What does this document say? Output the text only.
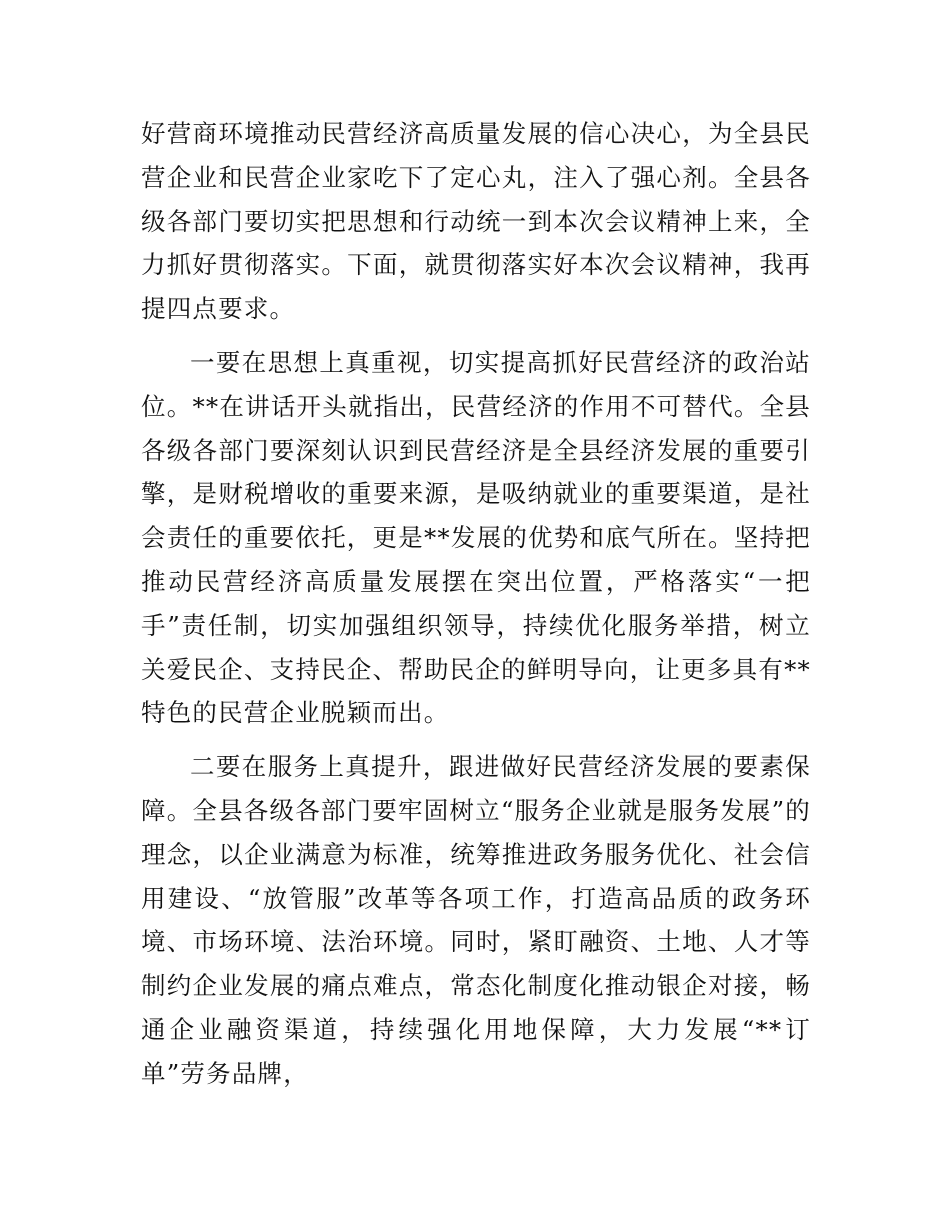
好营商环境推动民营经济高质量发展的信心决心，为全县民营企业和民营企业家吃下了定心丸，注入了强心剂。全县各级各部门要切实把思想和行动统一到本次会议精神上来，全力抓好贯彻落实。下面，就贯彻落实好本次会议精神，我再提四点要求。

一要在思想上真重视，切实提高抓好民营经济的政治站位。**在讲话开头就指出，民营经济的作用不可替代。全县各级各部门要深刻认识到民营经济是全县经济发展的重要引擎，是财税增收的重要来源，是吸纳就业的重要渠道，是社会责任的重要依托，更是**发展的优势和底气所在。坚持把推动民营经济高质量发展摆在突出位置，严格落实“一把手”责任制，切实加强组织领导，持续优化服务举措，树立关爱民企、支持民企、帮助民企的鲜明导向，让更多具有**特色的民营企业脱颖而出。

二要在服务上真提升，跟进做好民营经济发展的要素保障。全县各级各部门要牢固树立“服务企业就是服务发展”的理念，以企业满意为标准，统筹推进政务服务优化、社会信用建设、“放管服”改革等各项工作，打造高品质的政务环境、市场环境、法治环境。同时，紧盯融资、土地、人才等制约企业发展的痛点难点，常态化制度化推动银企对接，畅通企业融资渠道，持续强化用地保障，大力发展“**订单”劳务品牌，
